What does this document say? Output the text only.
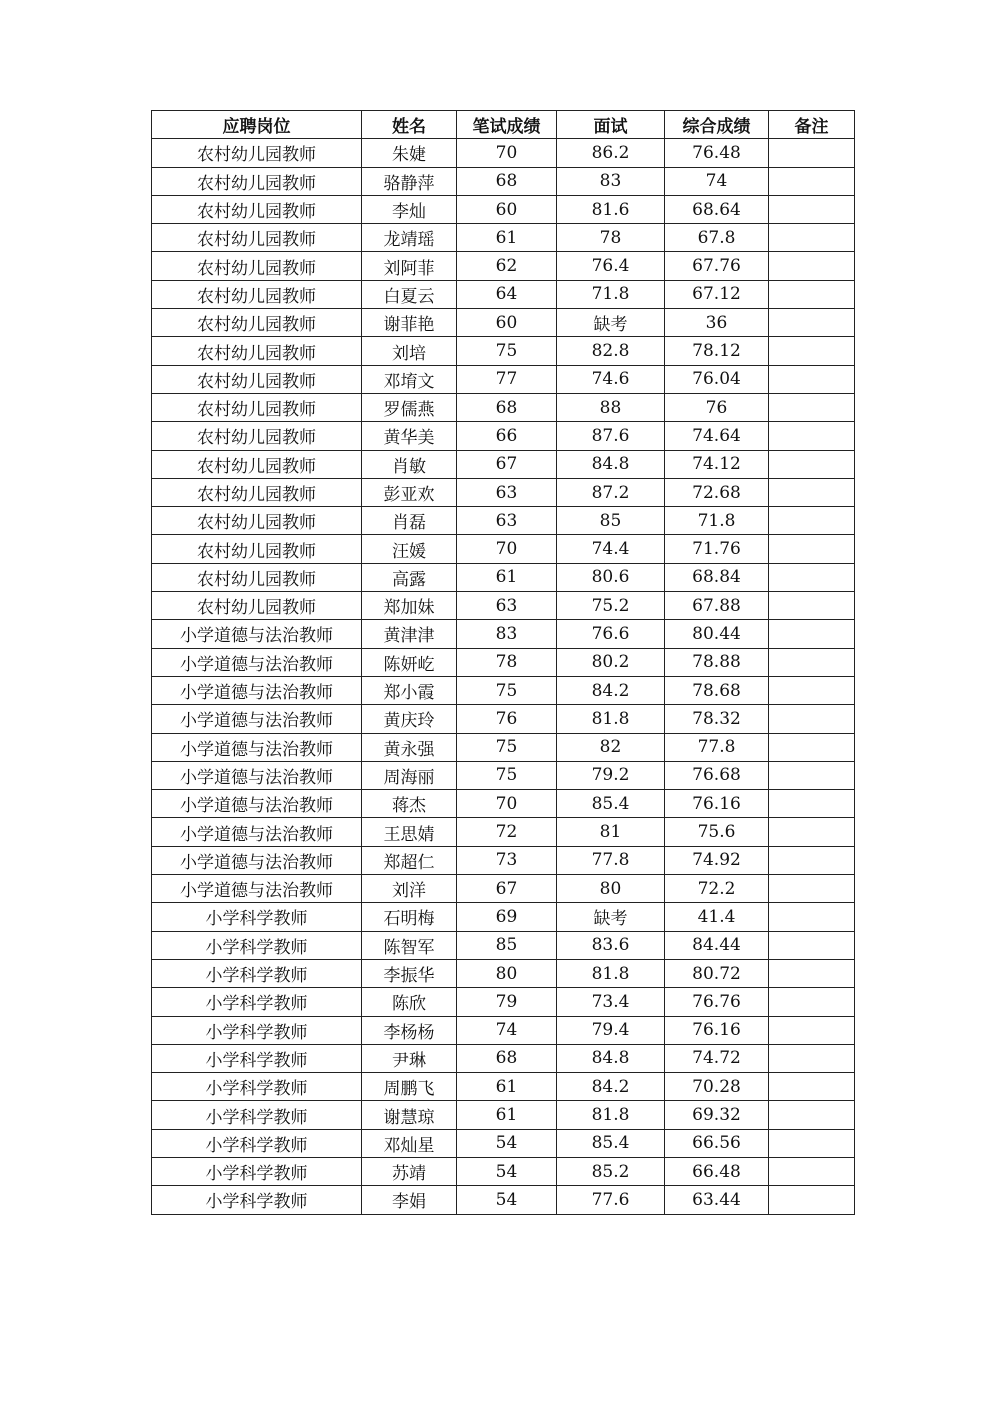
应聘岗位	姓名	笔试成绩	面试	综合成绩	备注
农村幼儿园教师	朱婕	70	86.2	76.48	
农村幼儿园教师	骆静萍	68	83	74	
农村幼儿园教师	李灿	60	81.6	68.64	
农村幼儿园教师	龙靖瑶	61	78	67.8	
农村幼儿园教师	刘阿菲	62	76.4	67.76	
农村幼儿园教师	白夏云	64	71.8	67.12	
农村幼儿园教师	谢菲艳	60	缺考	36	
农村幼儿园教师	刘培	75	82.8	78.12	
农村幼儿园教师	邓堉文	77	74.6	76.04	
农村幼儿园教师	罗儒燕	68	88	76	
农村幼儿园教师	黄华美	66	87.6	74.64	
农村幼儿园教师	肖敏	67	84.8	74.12	
农村幼儿园教师	彭亚欢	63	87.2	72.68	
农村幼儿园教师	肖磊	63	85	71.8	
农村幼儿园教师	汪媛	70	74.4	71.76	
农村幼儿园教师	高露	61	80.6	68.84	
农村幼儿园教师	郑加妹	63	75.2	67.88	
小学道德与法治教师	黄津津	83	76.6	80.44	
小学道德与法治教师	陈妍屹	78	80.2	78.88	
小学道德与法治教师	郑小霞	75	84.2	78.68	
小学道德与法治教师	黄庆玲	76	81.8	78.32	
小学道德与法治教师	黄永强	75	82	77.8	
小学道德与法治教师	周海丽	75	79.2	76.68	
小学道德与法治教师	蒋杰	70	85.4	76.16	
小学道德与法治教师	王思婧	72	81	75.6	
小学道德与法治教师	郑超仁	73	77.8	74.92	
小学道德与法治教师	刘洋	67	80	72.2	
小学科学教师	石明梅	69	缺考	41.4	
小学科学教师	陈智军	85	83.6	84.44	
小学科学教师	李振华	80	81.8	80.72	
小学科学教师	陈欣	79	73.4	76.76	
小学科学教师	李杨杨	74	79.4	76.16	
小学科学教师	尹琳	68	84.8	74.72	
小学科学教师	周鹏飞	61	84.2	70.28	
小学科学教师	谢慧琼	61	81.8	69.32	
小学科学教师	邓灿星	54	85.4	66.56	
小学科学教师	苏靖	54	85.2	66.48	
小学科学教师	李娟	54	77.6	63.44	
